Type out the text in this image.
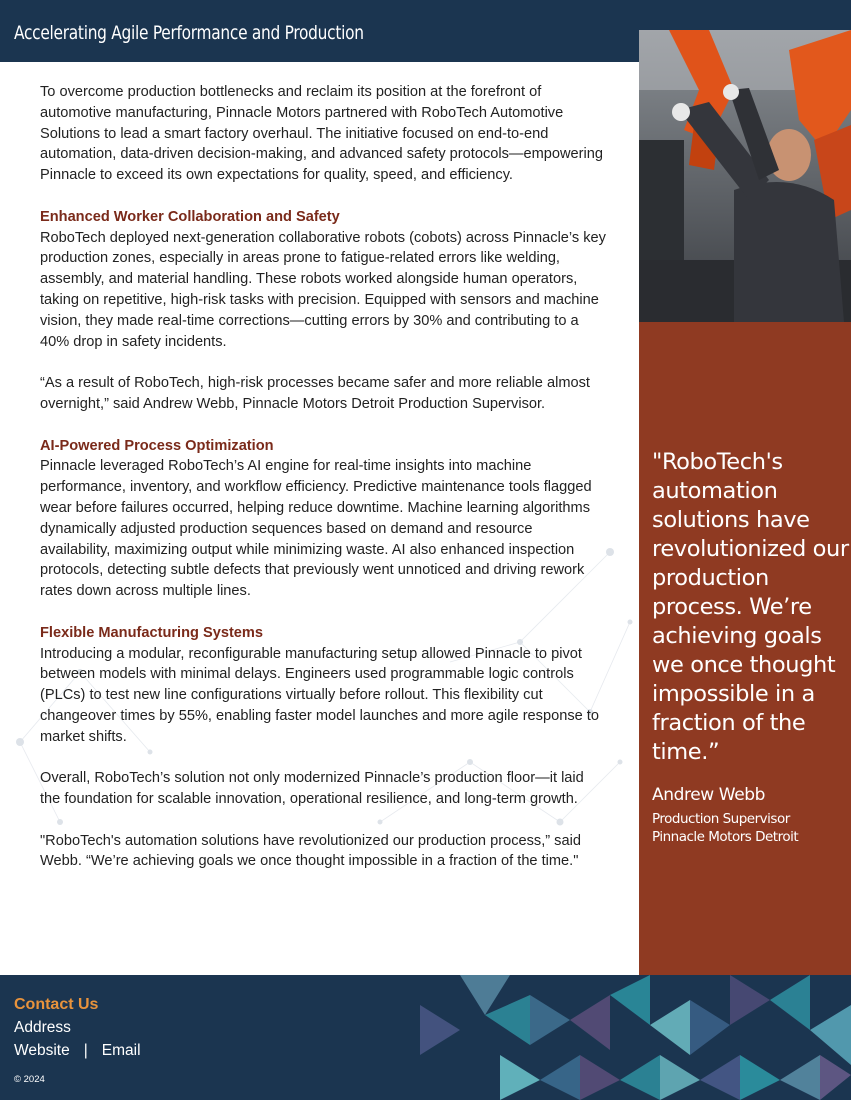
Accelerating Agile Performance and Production

To overcome production bottlenecks and reclaim its position at the forefront of automotive manufacturing, Pinnacle Motors partnered with RoboTech Automotive Solutions to lead a smart factory overhaul. The initiative focused on end-to-end automation, data-driven decision-making, and advanced safety protocols—empowering Pinnacle to exceed its own expectations for quality, speed, and efficiency.

Enhanced Worker Collaboration and Safety

RoboTech deployed next-generation collaborative robots (cobots) across Pinnacle’s key production zones, especially in areas prone to fatigue-related errors like welding, assembly, and material handling. These robots worked alongside human operators, taking on repetitive, high-risk tasks with precision. Equipped with sensors and machine vision, they made real-time corrections—cutting errors by 30% and contributing to a 40% drop in safety incidents.

“As a result of RoboTech, high-risk processes became safer and more reliable almost overnight,” said Andrew Webb, Pinnacle Motors Detroit Production Supervisor.

AI-Powered Process Optimization

Pinnacle leveraged RoboTech’s AI engine for real-time insights into machine performance, inventory, and workflow efficiency. Predictive maintenance tools flagged wear before failures occurred, helping reduce downtime. Machine learning algorithms dynamically adjusted production sequences based on demand and resource availability, maximizing output while minimizing waste. AI also enhanced inspection protocols, detecting subtle defects that previously went unnoticed and driving rework rates down across multiple lines.

Flexible Manufacturing Systems

Introducing a modular, reconfigurable manufacturing setup allowed Pinnacle to pivot between models with minimal delays. Engineers used programmable logic controls (PLCs) to test new line configurations virtually before rollout. This flexibility cut changeover times by 55%, enabling faster model launches and more agile response to market shifts.

Overall, RoboTech’s solution not only modernized Pinnacle’s production floor—it laid the foundation for scalable innovation, operational resilience, and long-term growth.

"RoboTech's automation solutions have revolutionized our production process,” said Webb. “We’re achieving goals we once thought impossible in a fraction of the time."

"RoboTech's automation solutions have revolutionized our production process. We’re achieving goals we once thought impossible in a fraction of the time.”
Andrew Webb
Production Supervisor
Pinnacle Motors Detroit
Contact Us
Address
Website | Email
© 2024
